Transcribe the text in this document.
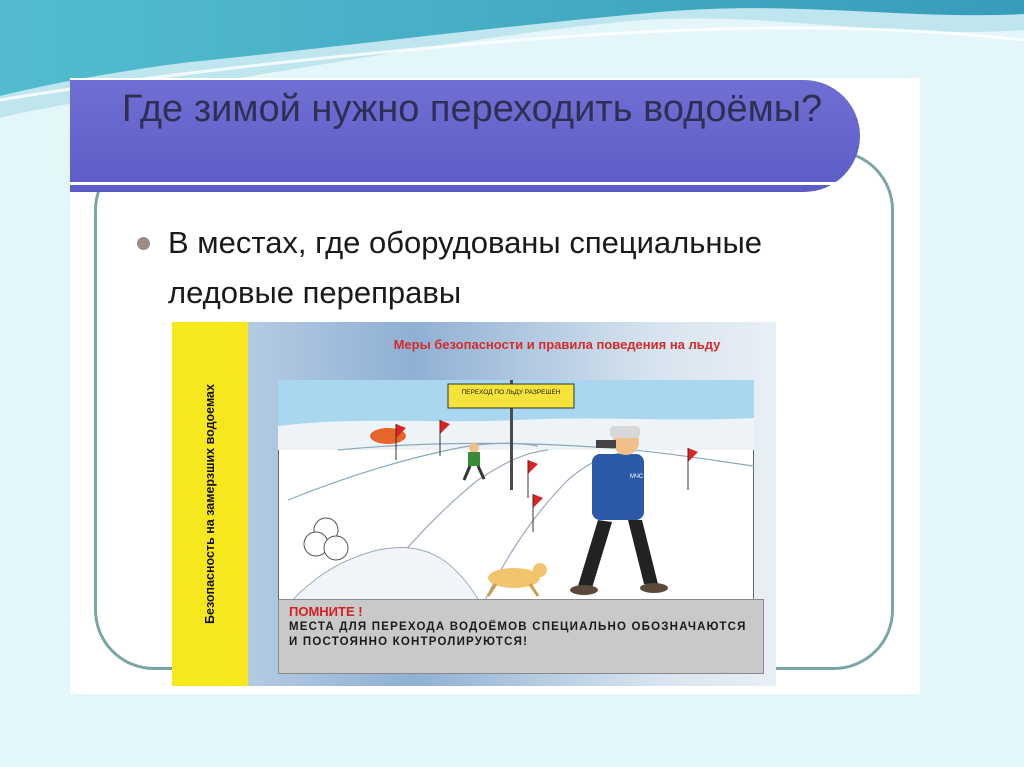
Где зимой нужно переходить водоёмы?
В местах, где оборудованы специальные ледовые переправы
Безопасность на замерзших водоемах
Меры безопасности и правила поведения на льду
ПЕРЕХОД ПО ЛЬДУ РАЗРЕШЕН
МЧС РОССИИ
ПОМНИТЕ !
МЕСТА ДЛЯ ПЕРЕХОДА ВОДОЁМОВ СПЕЦИАЛЬНО ОБОЗНАЧАЮТСЯ И ПОСТОЯННО КОНТРОЛИРУЮТСЯ!
